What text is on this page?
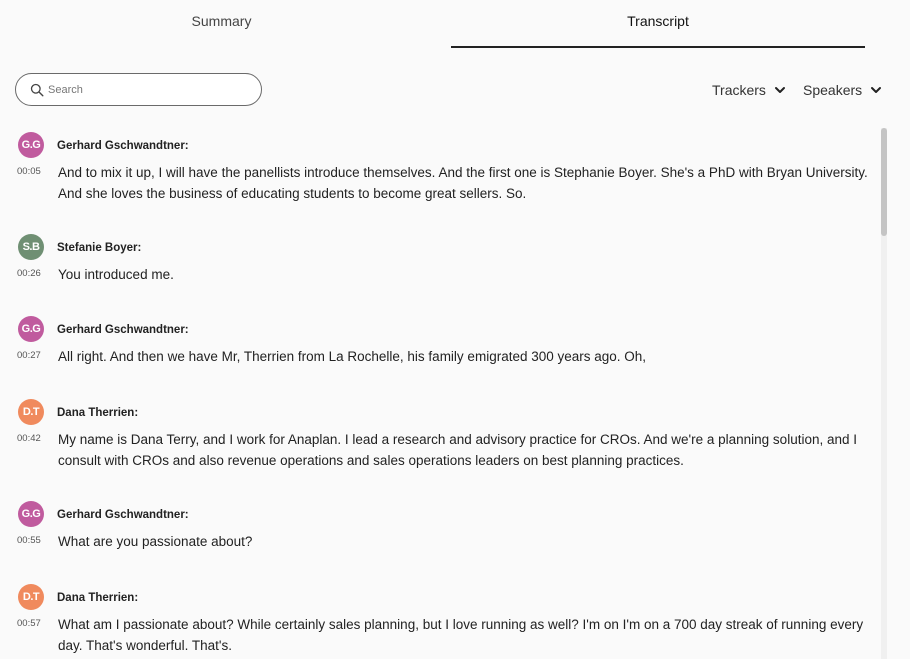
Summary	Transcript
Search
Trackers	Speakers
G.G	Gerhard Gschwandtner:
00:05 And to mix it up, I will have the panellists introduce themselves. And the first one is Stephanie Boyer. She's a PhD with Bryan University. And she loves the business of educating students to become great sellers. So.
S.B	Stefanie Boyer:
00:26 You introduced me.
G.G	Gerhard Gschwandtner:
00:27 All right. And then we have Mr, Therrien from La Rochelle, his family emigrated 300 years ago. Oh,
D.T	Dana Therrien:
00:42 My name is Dana Terry, and I work for Anaplan. I lead a research and advisory practice for CROs. And we're a planning solution, and I consult with CROs and also revenue operations and sales operations leaders on best planning practices.
G.G	Gerhard Gschwandtner:
00:55 What are you passionate about?
D.T	Dana Therrien:
00:57 What am I passionate about? While certainly sales planning, but I love running as well? I'm on I'm on a 700 day streak of running every day. That's wonderful. That's.
